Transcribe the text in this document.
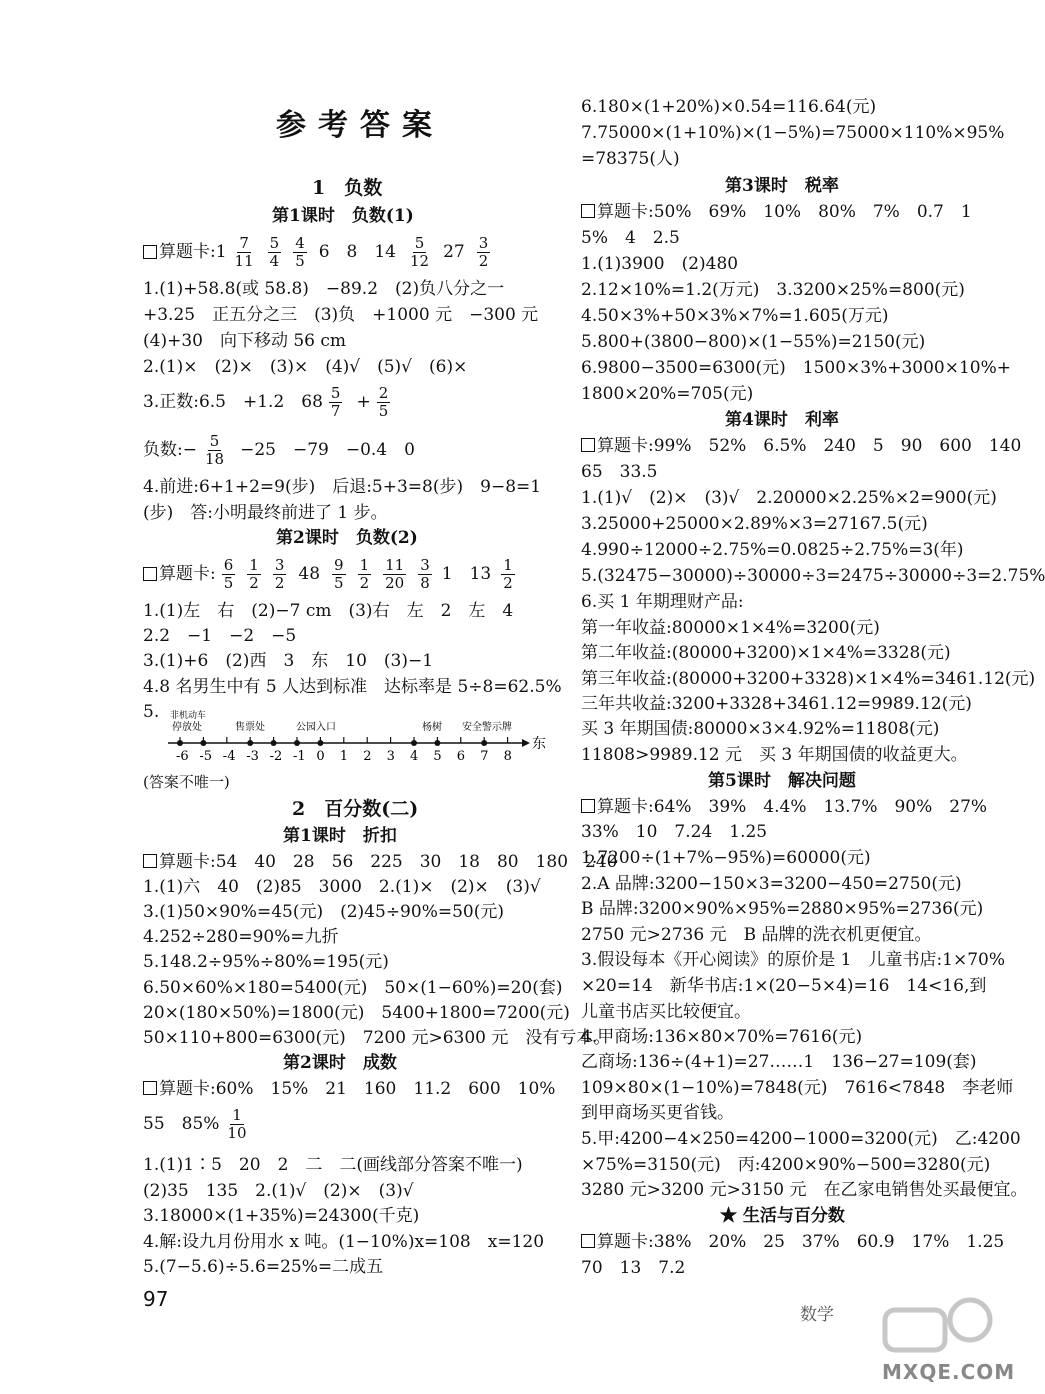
参考答案
1　负数
第1课时　负数(1)
算题卡 :1 $\frac{7}{11} \frac{5}{4} \frac{4}{5} 6$　8　$14 \frac{5}{12} 27 \frac{3}{2}$
1.(1)+58.8(或 58.8)　−89.2　(2)负八分之一
+3.25　正五分之三　(3)负　+1000 元　−300 元
(4)+30　向下移动 56 cm
2.(1)×　(2)×　(3)×　(4)√　(5)√　(6)×
3.正数:6.5　+1.2　$68 \frac{5}{7} + \frac{2}{5}$
负数:− $\frac{5}{18} -25$　−79　−0.4　0
4.前进:6+1+2=9(步)　后退:5+3=8(步)　9−8=1
(步)　答:小明最终前进了 1 步。
第2课时　负数(2)
算题卡 : $\frac{6}{5} \frac{1}{2} \frac{3}{2} 48 \frac{9}{5} \frac{1}{2} \frac{11}{20} \frac{3}{8} 1$　$13 \frac{1}{2}$
1.(1)左　右　(2)−7 cm　(3)右　左　2　左　4
2.2　−1　−2　−5
3.(1)+6　(2)西　3　东　10　(3)−1
4.8 名男生中有 5 人达到标准　达标率是 5÷8=62.5%
5. 非机动车
停放处	售票处	公园入口	杨树 安全警示牌
东
-6 -5 -4 -3 -2 -1 0 1 2 3 4 5 6 7 8
(答案不唯一)
2　百分数(二)
第1课时　折扣
算题卡:54　40　28　56　225　30　18　80　180　240
1.(1)六　40　(2)85　3000　2.(1)×　(2)×　(3)√
3.(1)50×90%=45(元)　(2)45÷90%=50(元)
4.252÷280=90%=九折
5.148.2÷95%÷80%=195(元)
6.50×60%×180=5400(元)　50×(1−60%)=20(套)
20×(180×50%)=1800(元)　5400+1800=7200(元)
50×110+800=6300(元)　7200 元>6300 元　没有亏本。
第2课时　成数
算题卡:60%　15%　21　160　11.2　600　10%
55　$85\% \frac{1}{10}$
1.(1)1∶5　20　2　二　二(画线部分答案不唯一)
(2)35　135　2.(1)√　(2)×　(3)√
3.18000×(1+35%)=24300(千克)
4.解:设九月份用水 x 吨。(1−10%)x=108　x=120
5.(7−5.6)÷5.6=25%=二成五
6.180×(1+20%)×0.54=116.64(元)
7.75000×(1+10%)×(1−5%)=75000×110%×95%
=78375(人)
第3课时　税率
算题卡:50%　69%　10%　80%　7%　0.7　1
5%　4　2.5
1.(1)3900　(2)480
2.12×10%=1.2(万元)　3.3200×25%=800(元)
4.50×3%+50×3%×7%=1.605(万元)
5.800+(3800−800)×(1−55%)=2150(元)
6.9800−3500=6300(元)　1500×3%+3000×10%+
1800×20%=705(元)
第4课时　利率
算题卡:99%　52%　6.5%　240　5　90　600　140
65　33.5
1.(1)√　(2)×　(3)√　2.20000×2.25%×2=900(元)
3.25000+25000×2.89%×3=27167.5(元)
4.990÷12000÷2.75%=0.0825÷2.75%=3(年)
5.(32475−30000)÷30000÷3=2475÷30000÷3=2.75%
6.买 1 年期理财产品:
第一年收益:80000×1×4%=3200(元)
第二年收益:(80000+3200)×1×4%=3328(元)
第三年收益:(80000+3200+3328)×1×4%=3461.12(元)
三年共收益:3200+3328+3461.12=9989.12(元)
买 3 年期国债:80000×3×4.92%=11808(元)
11808>9989.12 元　买 3 年期国债的收益更大。
第5课时　解决问题
算题卡:64%　39%　4.4%　13.7%　90%　27%
33%　10　7.24　1.25
1.7200÷(1+7%−95%)=60000(元)
2.A 品牌:3200−150×3=3200−450=2750(元)
B 品牌:3200×90%×95%=2880×95%=2736(元)
2750 元>2736 元　B 品牌的洗衣机更便宜。
3.假设每本《开心阅读》的原价是 1　儿童书店:1×70%
×20=14　新华书店:1×(20−5×4)=16　14<16,到
儿童书店买比较便宜。
4.甲商场:136×80×70%=7616(元)
乙商场:136÷(4+1)=27……1　136−27=109(套)
109×80×(1−10%)=7848(元)　7616<7848　李老师
到甲商场买更省钱。
5.甲:4200−4×250=4200−1000=3200(元)　乙:4200
×75%=3150(元)　丙:4200×90%−500=3280(元)
3280 元>3200 元>3150 元　在乙家电销售处买最便宜。
★ 生活与百分数
算题卡:38%　20%　25　37%　60.9　17%　1.25
70　13　7.2
97
数学
MXQE.COM
